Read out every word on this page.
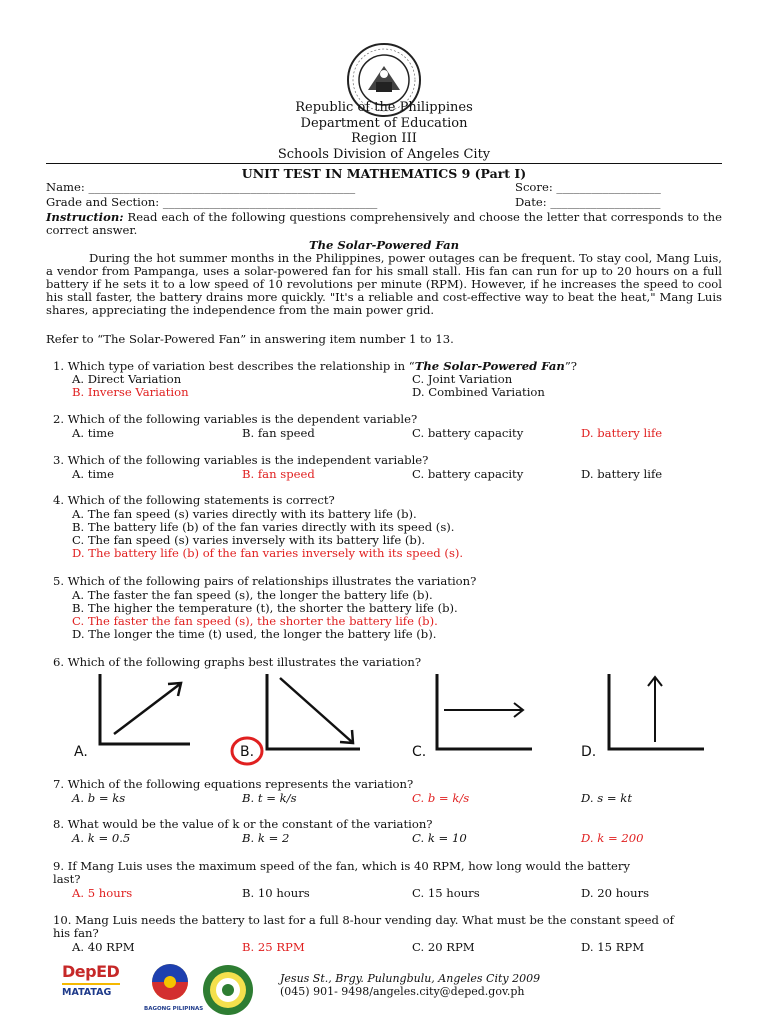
Republic of the Philippines
Department of Education
Region III
Schools Division of Angeles City
UNIT TEST IN MATHEMATICS 9 (Part I)
Name: ______________________________________________	Score: __________________
Grade and Section: _____________________________________	Date: ___________________
Instruction: Read each of the following questions comprehensively and choose the letter that corresponds to the correct answer.
The Solar-Powered Fan
During the hot summer months in the Philippines, power outages can be frequent. To stay cool, Mang Luis, a vendor from Pampanga, uses a solar-powered fan for his small stall. His fan can run for up to 20 hours on a full battery if he sets it to a low speed of 10 revolutions per minute (RPM). However, if he increases the speed to cool his stall faster, the battery drains more quickly. "It's a reliable and cost-effective way to beat the heat," Mang Luis shares, appreciating the independence from the main power grid.
Refer to “The Solar-Powered Fan” in answering item number 1 to 13.
1. Which type of variation best describes the relationship in “The Solar-Powered Fan”?
A. Direct Variation
B. Inverse Variation
C. Joint Variation
D. Combined Variation
2. Which of the following variables is the dependent variable?
A. time	B. fan speed	C. battery capacity	D. battery life
3. Which of the following variables is the independent variable?
A. time	B. fan speed	C. battery capacity	D. battery life
4. Which of the following statements is correct?
A. The fan speed (s) varies directly with its battery life (b).
B. The battery life (b) of the fan varies directly with its speed (s).
C. The fan speed (s) varies inversely with its battery life (b).
D. The battery life (b) of the fan varies inversely with its speed (s).
5. Which of the following pairs of relationships illustrates the variation?
A. The faster the fan speed (s), the longer the battery life (b).
B. The higher the temperature (t), the shorter the battery life (b).
C. The faster the fan speed (s), the shorter the battery life (b).
D. The longer the time (t) used, the longer the battery life (b).
6. Which of the following graphs best illustrates the variation?
A.	B.	C.	D.
7. Which of the following equations represents the variation?
A. b = ks	B. t = k/s	C. b = k/s	D. s = kt
8. What would be the value of k or the constant of the variation?
A. k = 0.5	B. k = 2	C. k = 10	D. k = 200
9. If Mang Luis uses the maximum speed of the fan, which is 40 RPM, how long would the battery
last?
A. 5 hours	B. 10 hours	C. 15 hours	D. 20 hours
10. Mang Luis needs the battery to last for a full 8-hour vending day. What must be the constant speed of
his fan?
A. 40 RPM	B. 25 RPM	C. 20 RPM	D. 15 RPM
DepED
MATATAG
BAGONG PILIPINAS
Jesus St., Brgy. Pulungbulu, Angeles City 2009
(045) 901- 9498/angeles.city@deped.gov.ph
